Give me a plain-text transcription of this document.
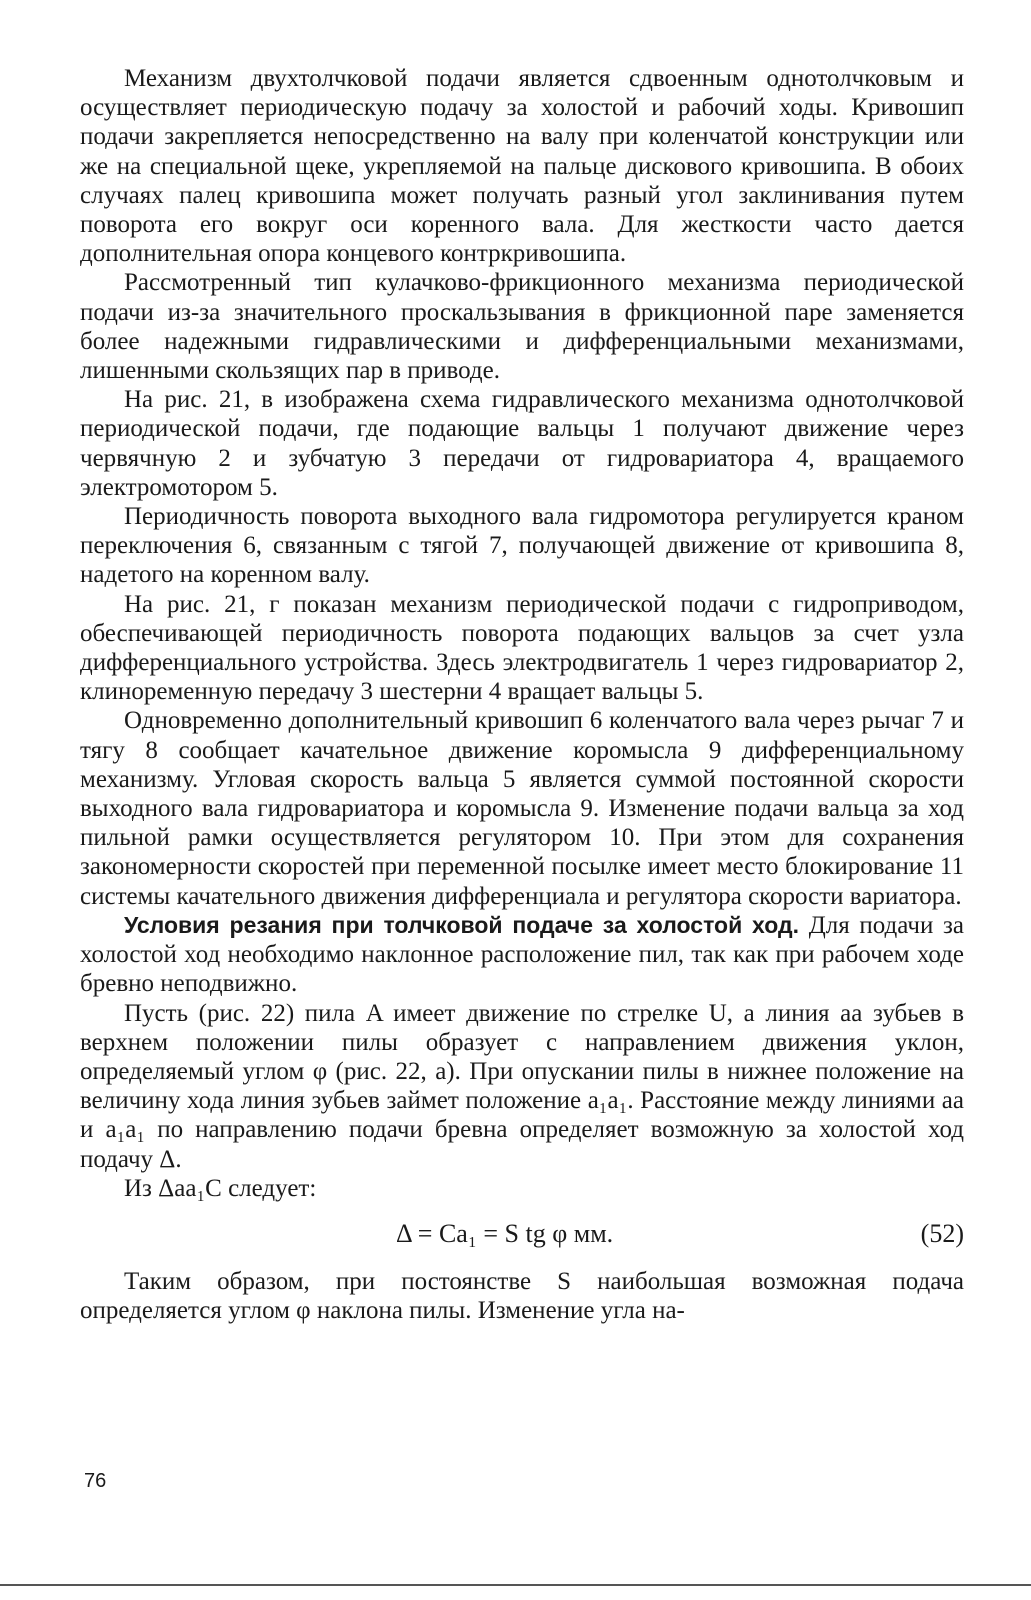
Механизм двухтолчковой подачи является сдвоенным однотолчковым и осуществляет периодическую подачу за холостой и рабочий ходы. Кривошип подачи закрепляется непосредственно на валу при коленчатой конструкции или же на специальной щеке, укрепляемой на пальце дискового кривошипа. В обоих случаях палец кривошипа может получать разный угол заклинивания путем поворота его вокруг оси коренного вала. Для жесткости часто дается дополнительная опора концевого контркривошипа.

Рассмотренный тип кулачково-фрикционного механизма периодической подачи из-за значительного проскальзывания в фрикционной паре заменяется более надежными гидравлическими и дифференциальными механизмами, лишенными скользящих пар в приводе.

На рис. 21, в изображена схема гидравлического механизма однотолчковой периодической подачи, где подающие вальцы 1 получают движение через червячную 2 и зубчатую 3 передачи от гидровариатора 4, вращаемого электромотором 5.

Периодичность поворота выходного вала гидромотора регулируется краном переключения 6, связанным с тягой 7, получающей движение от кривошипа 8, надетого на коренном валу.

На рис. 21, г показан механизм периодической подачи с гидроприводом, обеспечивающей периодичность поворота подающих вальцов за счет узла дифференциального устройства. Здесь электродвигатель 1 через гидровариатор 2, клиноременную передачу 3 шестерни 4 вращает вальцы 5.

Одновременно дополнительный кривошип 6 коленчатого вала через рычаг 7 и тягу 8 сообщает качательное движение коромысла 9 дифференциальному механизму. Угловая скорость вальца 5 является суммой постоянной скорости выходного вала гидровариатора и коромысла 9. Изменение подачи вальца за ход пильной рамки осуществляется регулятором 10. При этом для сохранения закономерности скоростей при переменной посылке имеет место блокирование 11 системы качательного движения дифференциала и регулятора скорости вариатора.

Условия резания при толчковой подаче за холостой ход. Для подачи за холостой ход необходимо наклонное расположение пил, так как при рабочем ходе бревно неподвижно.

Пусть (рис. 22) пила A имеет движение по стрелке U, а линия aa зубьев в верхнем положении пилы образует с направлением движения уклон, определяемый углом φ (рис. 22, a). При опускании пилы в нижнее положение на величину хода линия зубьев займет положение a₁a₁. Расстояние между линиями aa и a₁a₁ по направлению подачи бревна определяет возможную за холостой ход подачу Δ.

Из Δaa₁C следует:

Δ = Ca₁ = S tg φ мм.	(52)

Таким образом, при постоянстве S наибольшая возможная подача определяется углом φ наклона пилы. Изменение угла на-

76
